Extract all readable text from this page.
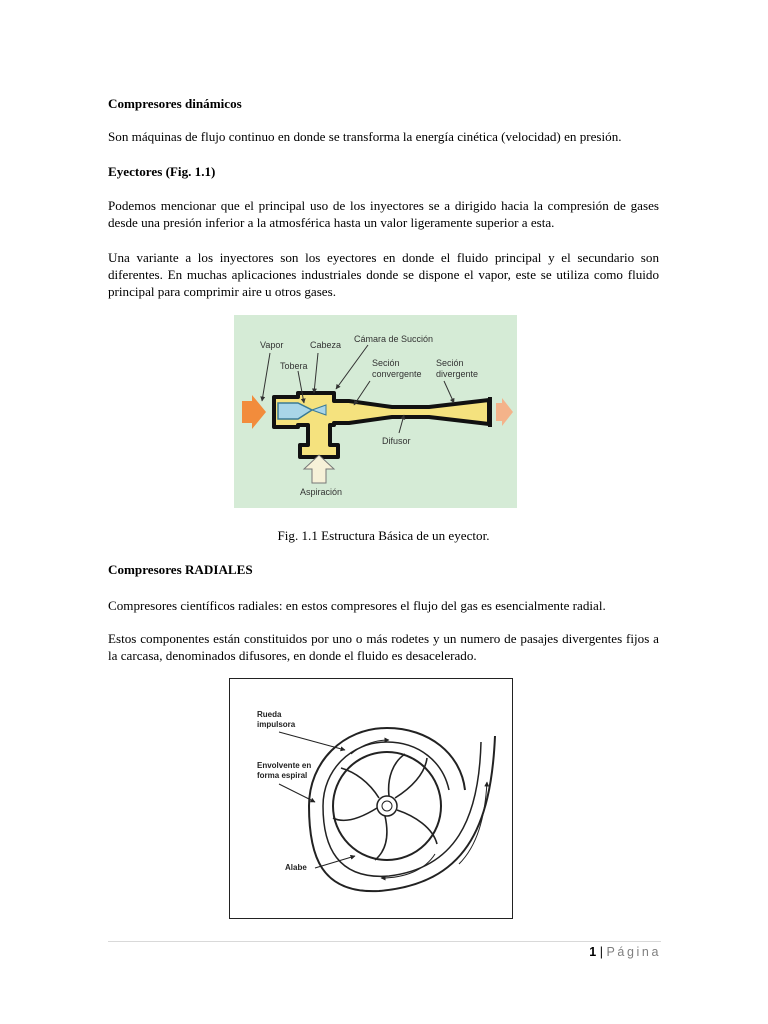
Compresores dinámicos

Son máquinas de flujo continuo en donde se transforma la energía cinética (velocidad) en presión.

Eyectores (Fig. 1.1)

Podemos mencionar que el principal uso de los inyectores se a dirigido hacia la compresión de gases desde una presión inferior a la atmosférica hasta un valor ligeramente superior a esta.

Una variante a los inyectores son los eyectores en donde el fluido principal y el secundario son diferentes. En muchas aplicaciones industriales donde se dispone el vapor, este se utiliza como fluido principal para comprimir aire u otros gases.

Vapor	Cabeza
Cámara de Succión
Tobera	Seción
convergente
Seción
divergente
Difusor
Aspiración
Fig. 1.1 Estructura Básica de un eyector.

Compresores RADIALES

Compresores científicos radiales: en estos compresores el flujo del gas es esencialmente radial.

Estos componentes están constituidos por uno o más rodetes y un numero de pasajes divergentes fijos a la carcasa, denominados difusores, en donde el fluido es desacelerado.

Rueda
impulsora
Envolvente en
forma espiral
Alabe
1 | Página
